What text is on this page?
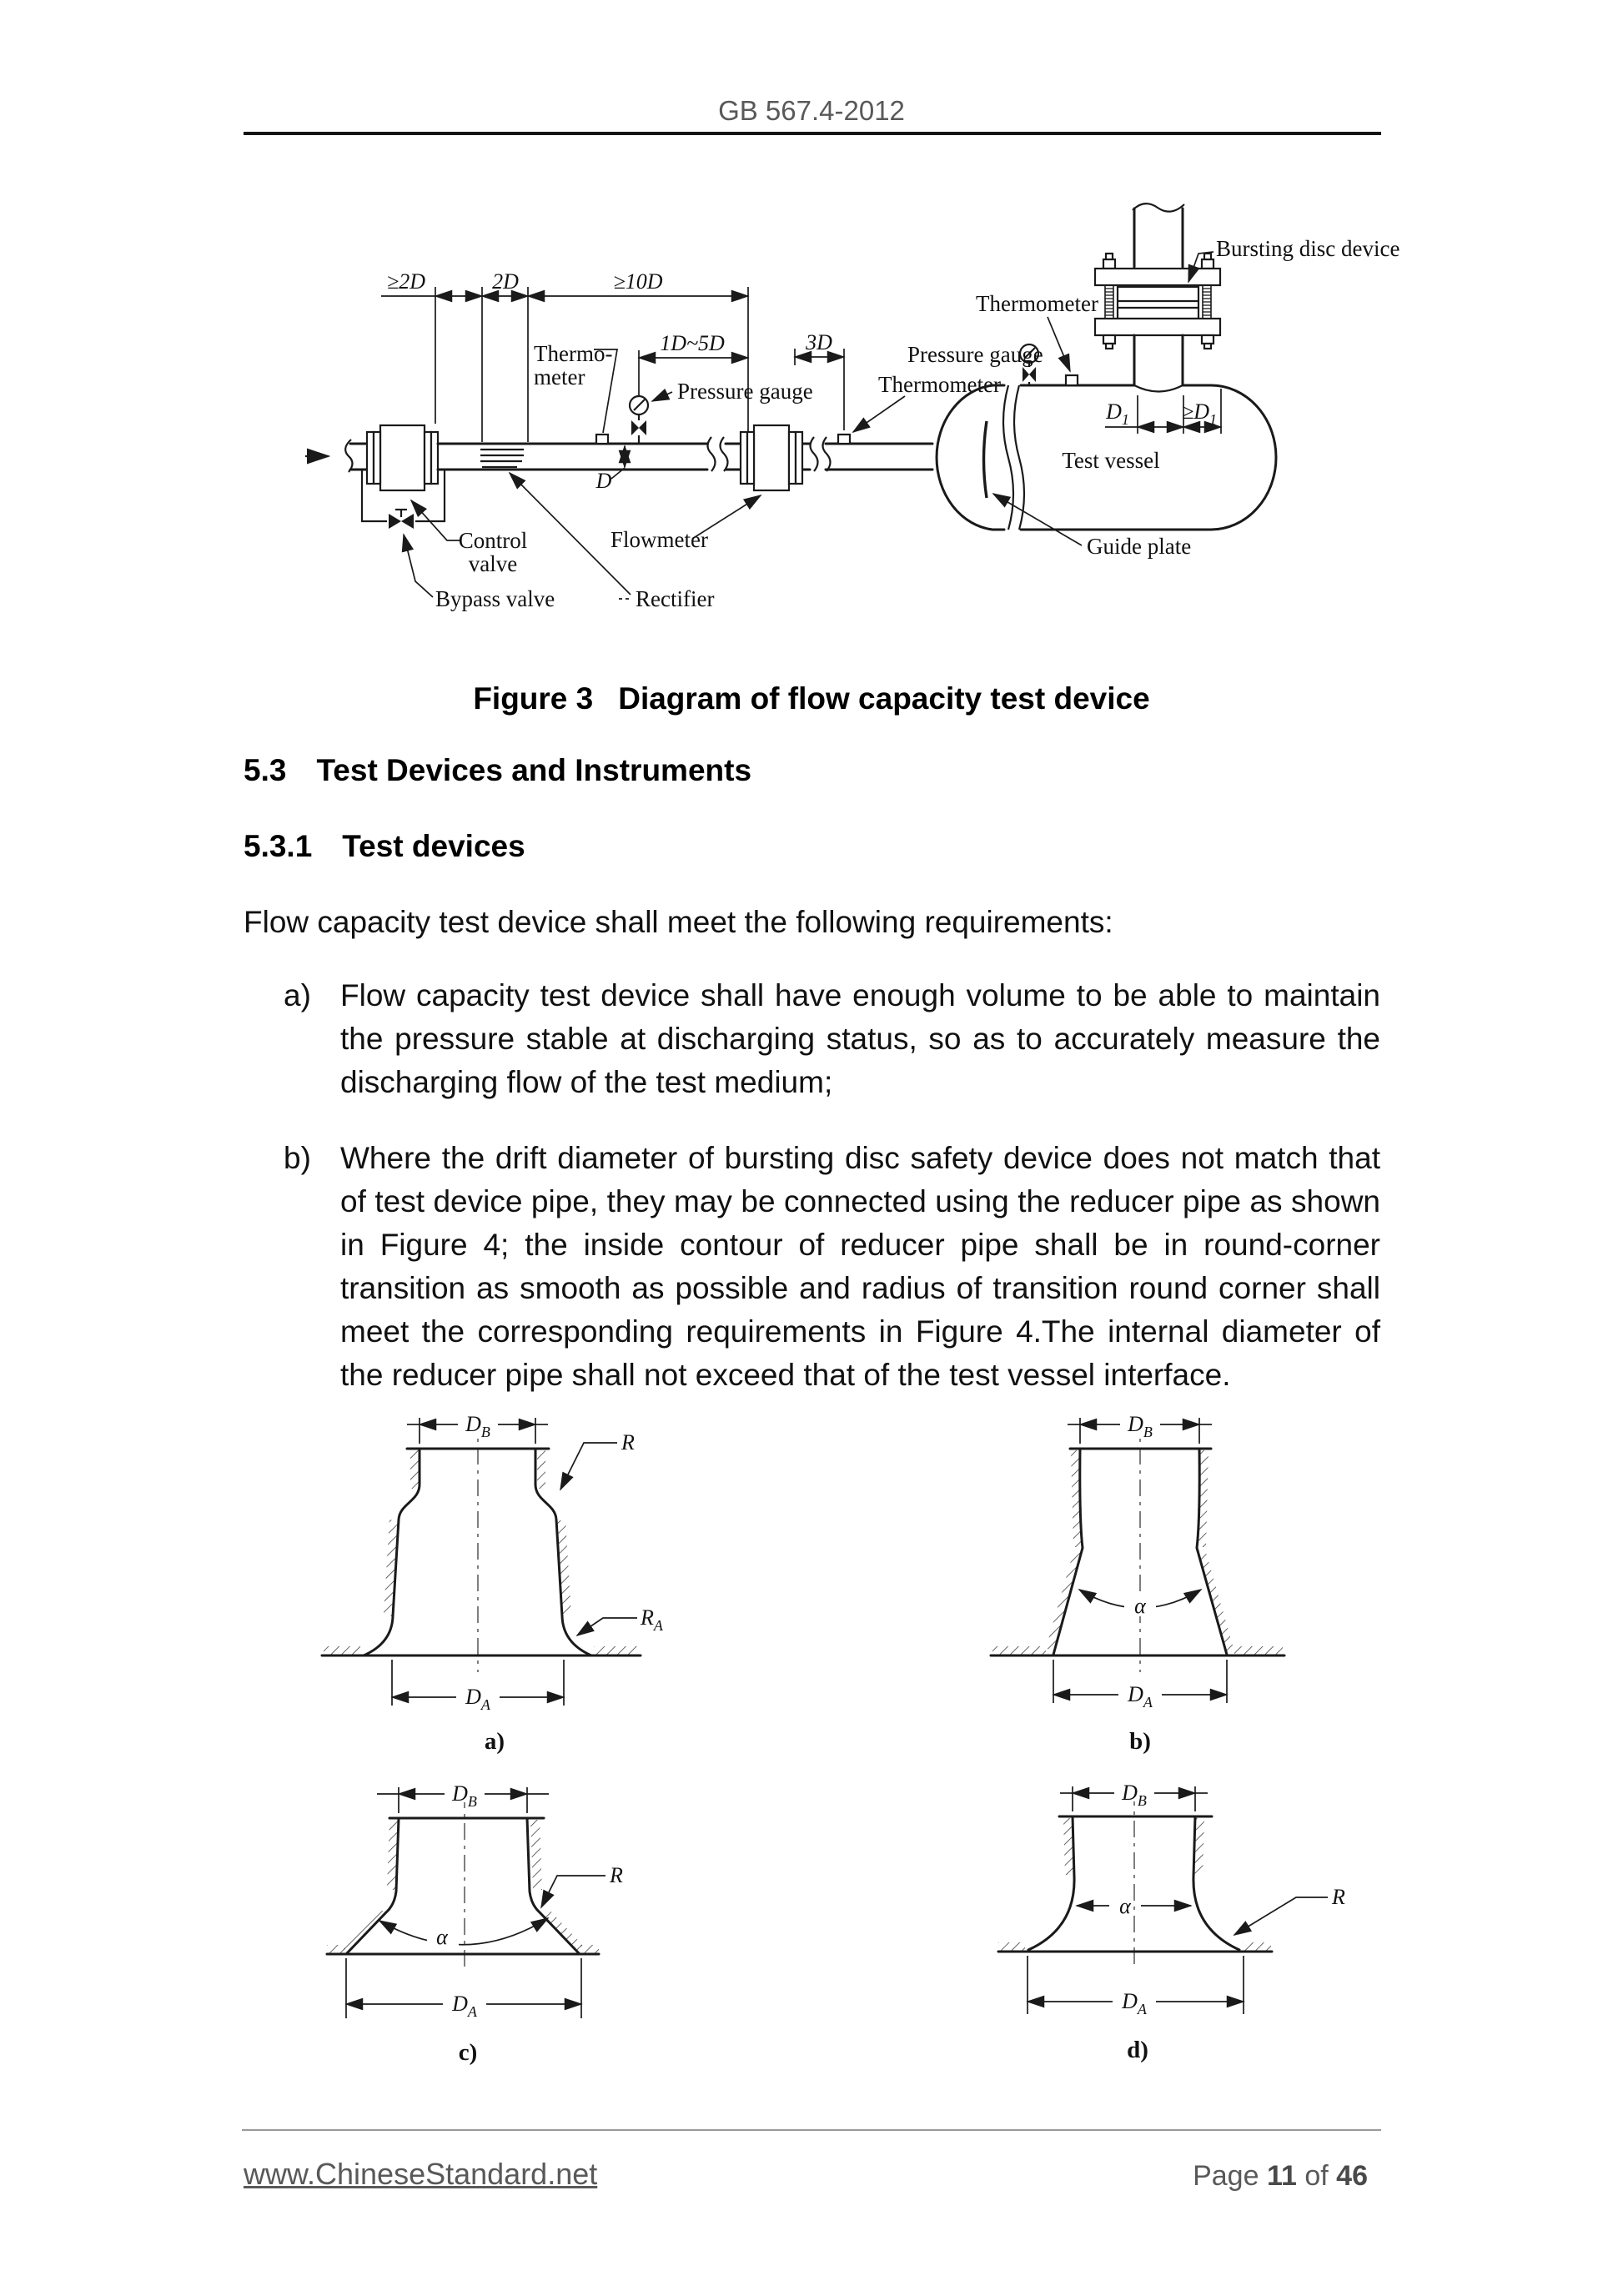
GB 567.4-2012
≥2D	2D	≥10D
1D~5D	3D
D
Thermo-
meter
Pressure gauge
Flowmeter
Thermometer
Test vessel
Guide plate
Thermometer
Pressure gauge
$D_1 \ge D_1$
Bursting disc device
Control
valve
Bypass valve	Rectifier
Figure 3 Diagram of flow capacity test device
5.3 Test Devices and Instruments
5.3.1 Test devices
Flow capacity test device shall meet the following requirements:
a) Flow capacity test device shall have enough volume to be able to maintain the pressure stable at discharging status, so as to accurately measure the discharging flow of the test medium;
b) Where the drift diameter of bursting disc safety device does not match that of test device pipe, they may be connected using the reducer pipe as shown in Figure 4; the inside contour of reducer pipe shall be in round-corner transition as smooth as possible and radius of transition round corner shall meet the corresponding requirements in Figure 4.The internal diameter of the reducer pipe shall not exceed that of the test vessel interface.
$D_B$
$D_A$
R
$R_A$
a)
α
$D_B$
$D_A$
b)
α
R
$D_B$
$D_A$
c)
α	R
$D_B$
$D_A$
d)
www.ChineseStandard.net	Page 11 of 46
